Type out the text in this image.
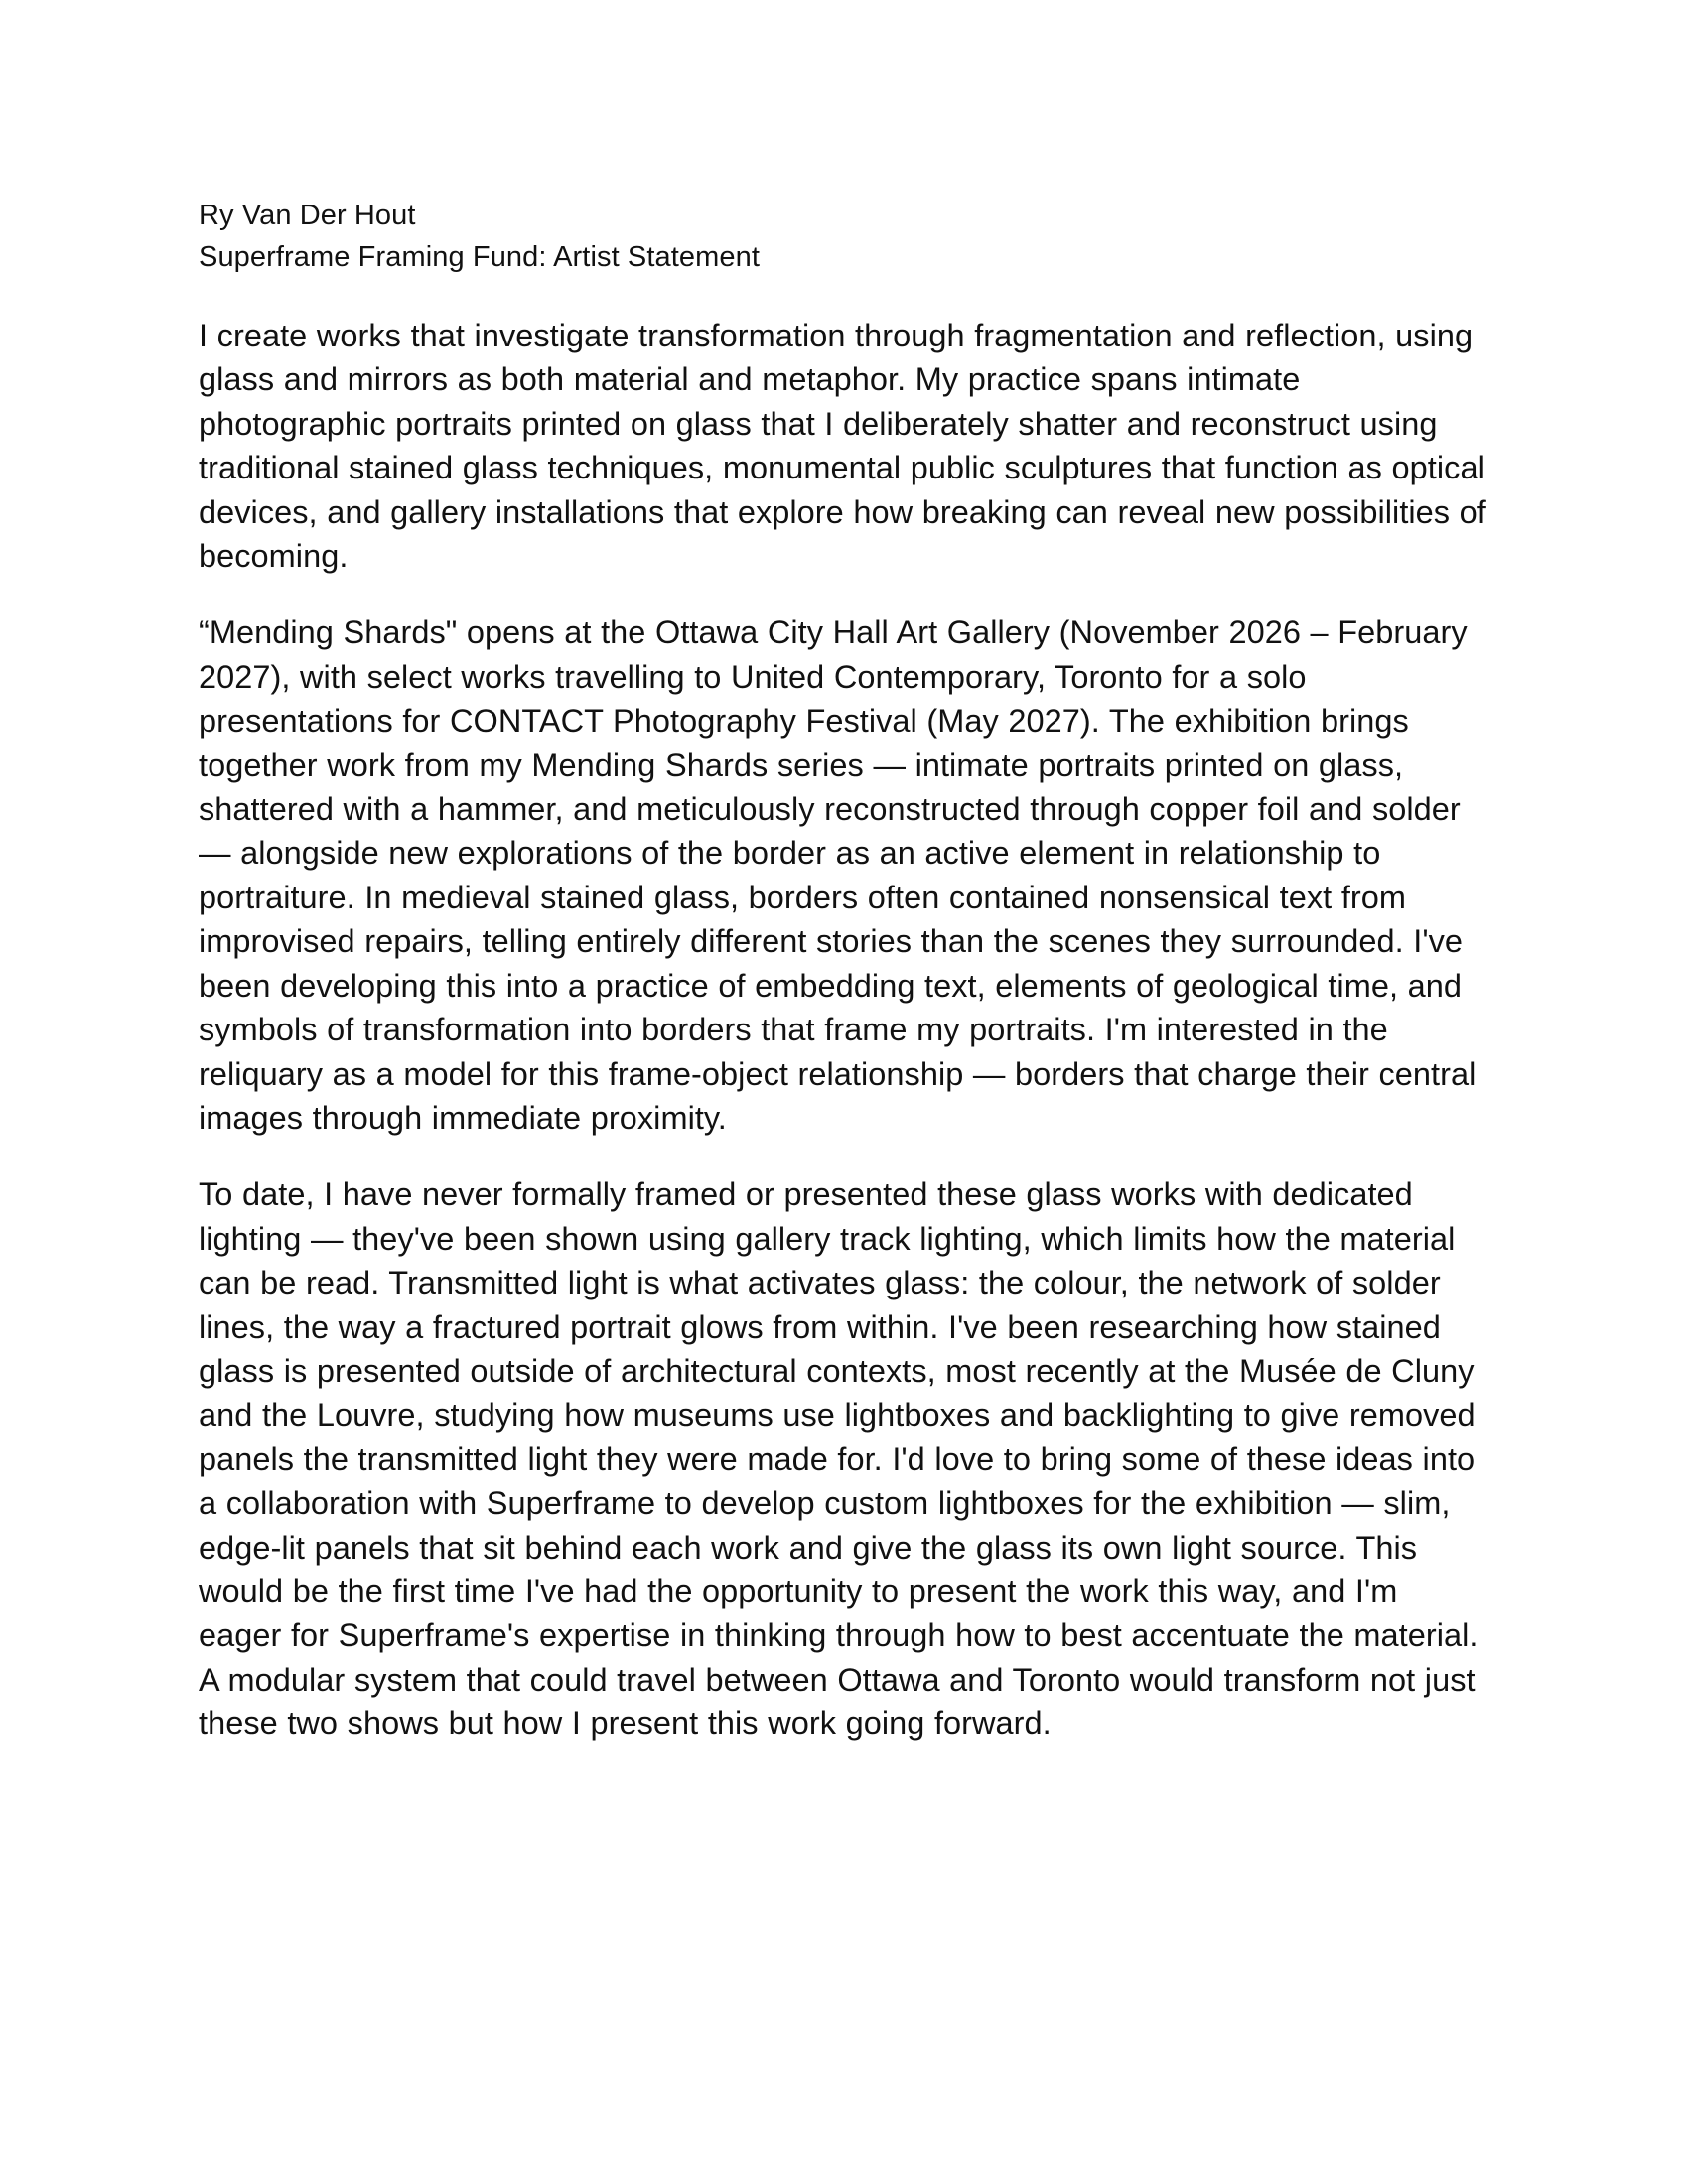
Ry Van Der Hout

Superframe Framing Fund: Artist Statement

I create works that investigate transformation through fragmentation and reflection, using glass and mirrors as both material and metaphor. My practice spans intimate photographic portraits printed on glass that I deliberately shatter and reconstruct using traditional stained glass techniques, monumental public sculptures that function as optical devices, and gallery installations that explore how breaking can reveal new possibilities of becoming.

“Mending Shards" opens at the Ottawa City Hall Art Gallery (November 2026 – February 2027), with select works travelling to United Contemporary, Toronto for a solo presentations for CONTACT Photography Festival (May 2027). The exhibition brings together work from my Mending Shards series — intimate portraits printed on glass, shattered with a hammer, and meticulously reconstructed through copper foil and solder — alongside new explorations of the border as an active element in relationship to portraiture. In medieval stained glass, borders often contained nonsensical text from improvised repairs, telling entirely different stories than the scenes they surrounded. I've been developing this into a practice of embedding text, elements of geological time, and symbols of transformation into borders that frame my portraits. I'm interested in the reliquary as a model for this frame-object relationship — borders that charge their central images through immediate proximity.

To date, I have never formally framed or presented these glass works with dedicated lighting — they've been shown using gallery track lighting, which limits how the material can be read. Transmitted light is what activates glass: the colour, the network of solder lines, the way a fractured portrait glows from within. I've been researching how stained glass is presented outside of architectural contexts, most recently at the Musée de Cluny and the Louvre, studying how museums use lightboxes and backlighting to give removed panels the transmitted light they were made for. I'd love to bring some of these ideas into a collaboration with Superframe to develop custom lightboxes for the exhibition — slim, edge-lit panels that sit behind each work and give the glass its own light source. This would be the first time I've had the opportunity to present the work this way, and I'm eager for Superframe's expertise in thinking through how to best accentuate the material. A modular system that could travel between Ottawa and Toronto would transform not just these two shows but how I present this work going forward.
